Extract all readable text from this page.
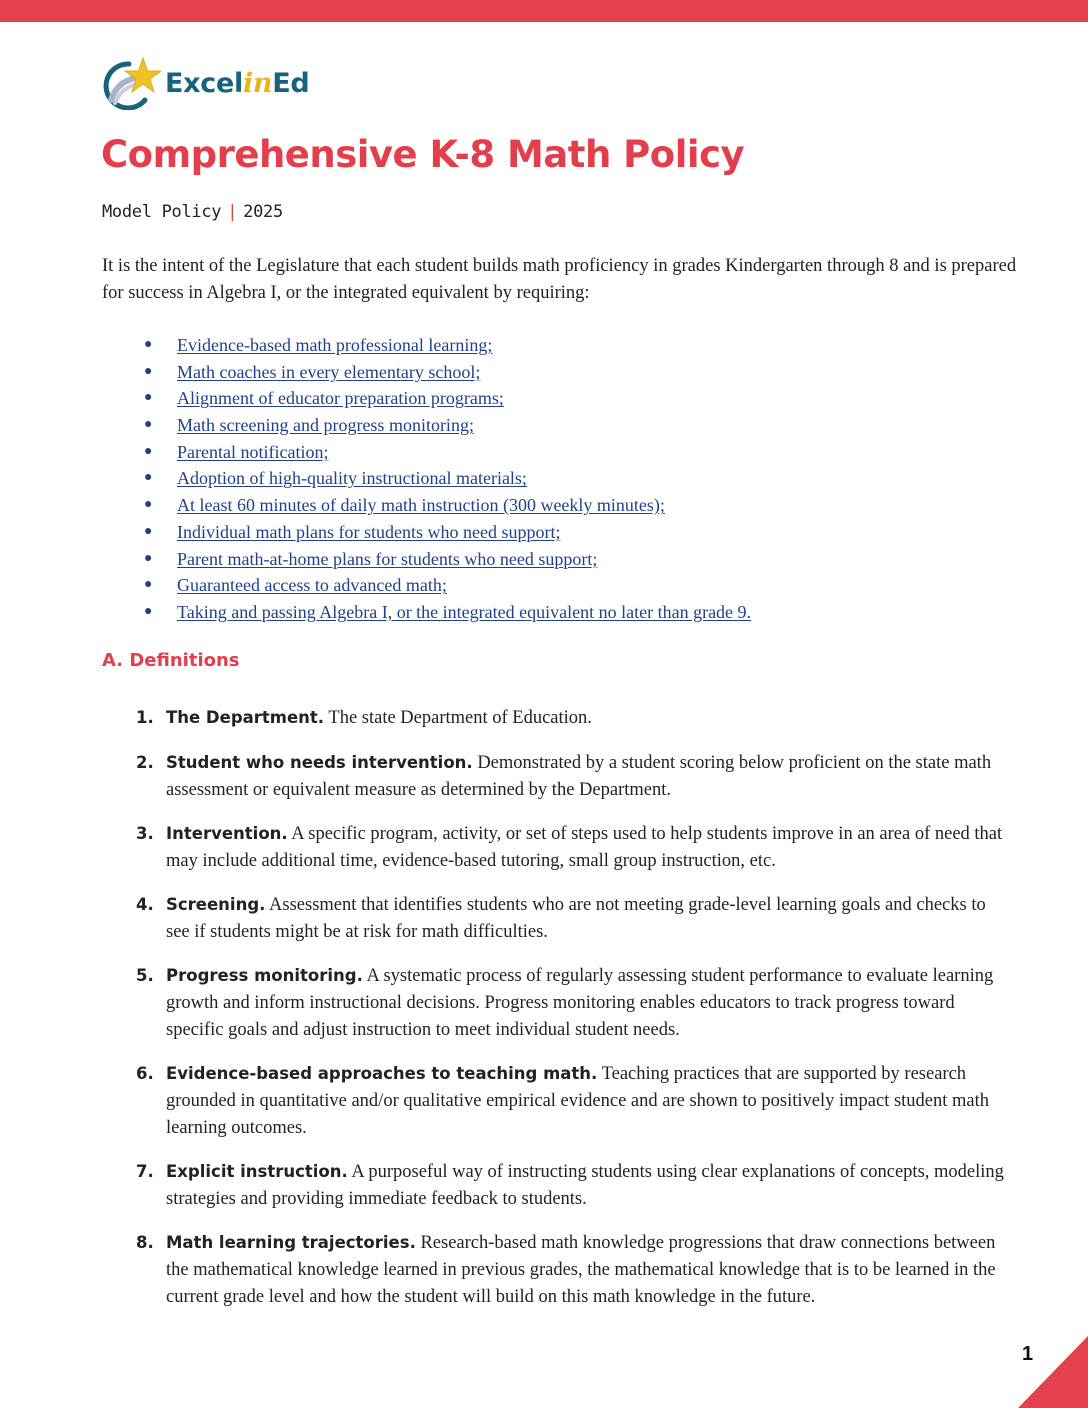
ExcelinEd
Comprehensive K-8 Math Policy
Model Policy | 2025
It is the intent of the Legislature that each student builds math proficiency in grades Kindergarten through 8 and is prepared for success in Algebra I, or the integrated equivalent by requiring:
● Evidence-based math professional learning;
● Math coaches in every elementary school;
● Alignment of educator preparation programs;
● Math screening and progress monitoring;
● Parental notification;
● Adoption of high-quality instructional materials;
● At least 60 minutes of daily math instruction (300 weekly minutes);
● Individual math plans for students who need support;
● Parent math-at-home plans for students who need support;
● Guaranteed access to advanced math;
● Taking and passing Algebra I, or the integrated equivalent no later than grade 9.
A. Definitions
1. The Department. The state Department of Education.
2. Student who needs intervention. Demonstrated by a student scoring below proficient on the state math assessment or equivalent measure as determined by the Department.
3. Intervention. A specific program, activity, or set of steps used to help students improve in an area of need that may include additional time, evidence-based tutoring, small group instruction, etc.
4. Screening. Assessment that identifies students who are not meeting grade-level learning goals and checks to see if students might be at risk for math difficulties.
5. Progress monitoring. A systematic process of regularly assessing student performance to evaluate learning growth and inform instructional decisions. Progress monitoring enables educators to track progress toward specific goals and adjust instruction to meet individual student needs.
6. Evidence-based approaches to teaching math. Teaching practices that are supported by research grounded in quantitative and/or qualitative empirical evidence and are shown to positively impact student math learning outcomes.
7. Explicit instruction. A purposeful way of instructing students using clear explanations of concepts, modeling strategies and providing immediate feedback to students.
8. Math learning trajectories. Research-based math knowledge progressions that draw connections between the mathematical knowledge learned in previous grades, the mathematical knowledge that is to be learned in the current grade level and how the student will build on this math knowledge in the future.
1
